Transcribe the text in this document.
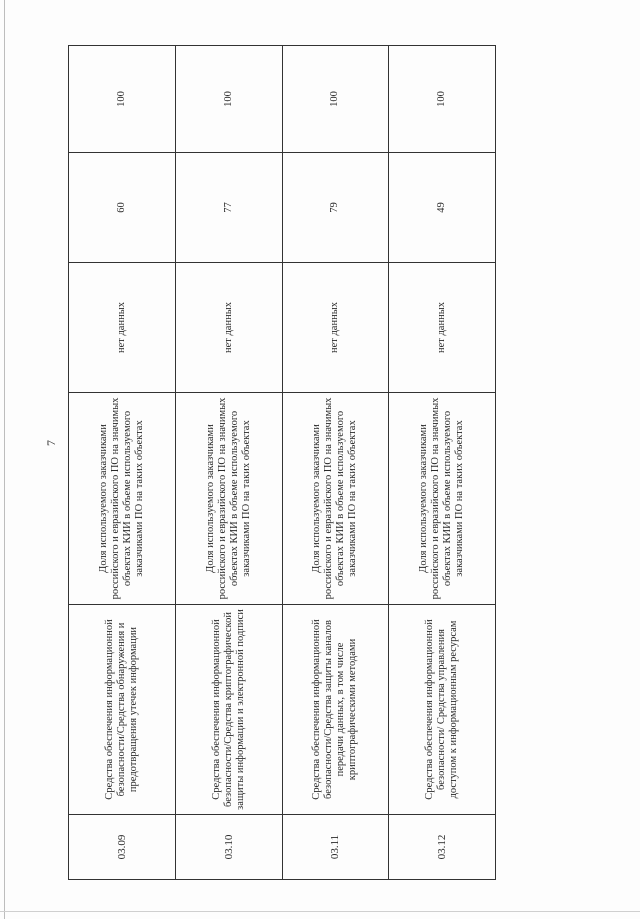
7
03.09	Средства обеспечения информационной безопасности/Средства обнаружения и предотвращения утечек информации	Доля используемого заказчиками российского и евразийского ПО на значимых объектах КИИ в объеме используемого заказчиками ПО на таких объектах	нет данных	60	100
03.10	Средства обеспечения информационной безопасности/Средства криптографической защиты информации и электронной подписи	Доля используемого заказчиками российского и евразийского ПО на значимых объектах КИИ в объеме используемого заказчиками ПО на таких объектах	нет данных	77	100
03.11	Средства обеспечения информационной безопасности/Средства защиты каналов передачи данных, в том числе криптографическими методами	Доля используемого заказчиками российского и евразийского ПО на значимых объектах КИИ в объеме используемого заказчиками ПО на таких объектах	нет данных	79	100
03.12	Средства обеспечения информационной безопасности/ Средства управления доступом к информационным ресурсам	Доля используемого заказчиками российского и евразийского ПО на значимых объектах КИИ в объеме используемого заказчиками ПО на таких объектах	нет данных	49	100
